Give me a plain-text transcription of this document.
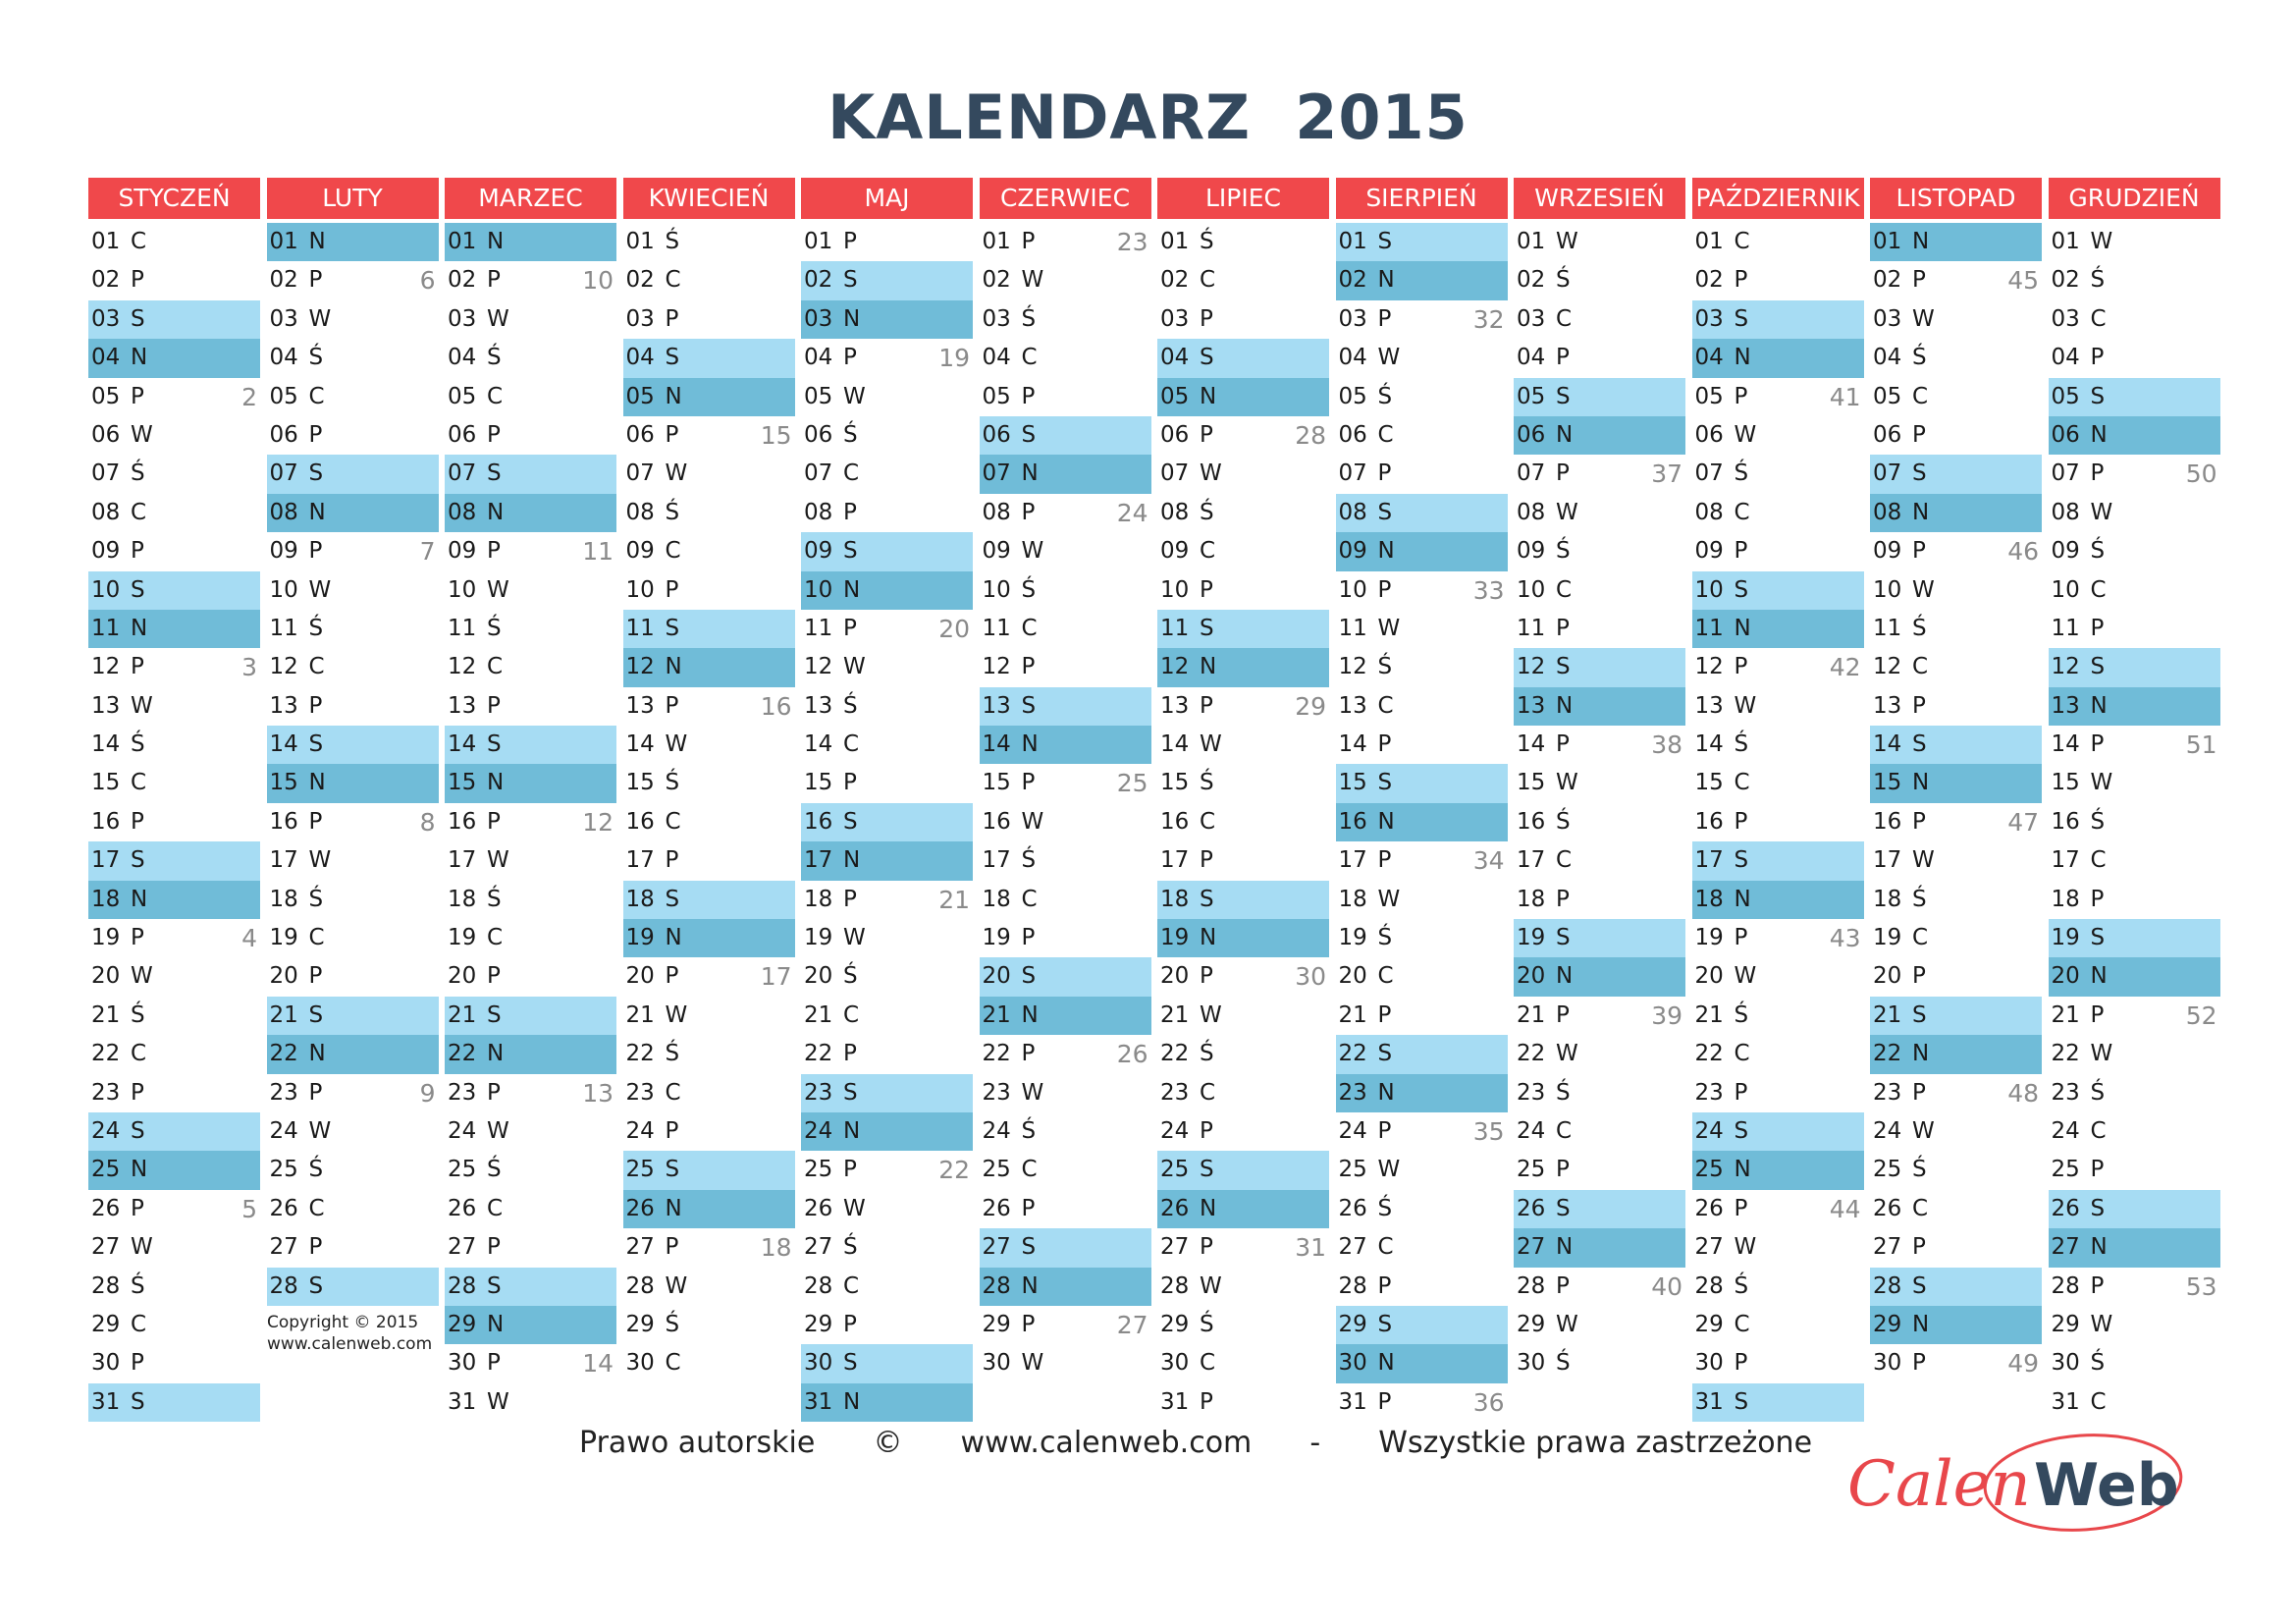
KALENDARZ  2015
STYCZEŃ
01 C
02 P
03 S
04 N
05 P	2
06 W
07 Ś
08 C
09 P
10 S
11 N
12 P	3
13 W
14 Ś
15 C
16 P
17 S
18 N
19 P	4
20 W
21 Ś
22 C
23 P
24 S
25 N
26 P	5
27 W
28 Ś
29 C
30 P
31 S
LUTY
01 N
02 P	6
03 W
04 Ś
05 C
06 P
07 S
08 N
09 P	7
10 W
11 Ś
12 C
13 P
14 S
15 N
16 P	8
17 W
18 Ś
19 C
20 P
21 S
22 N
23 P	9
24 W
25 Ś
26 C
27 P
28 S
MARZEC
01 N
02 P	10
03 W
04 Ś
05 C
06 P
07 S
08 N
09 P	11
10 W
11 Ś
12 C
13 P
14 S
15 N
16 P	12
17 W
18 Ś
19 C
20 P
21 S
22 N
23 P	13
24 W
25 Ś
26 C
27 P
28 S
29 N
30 P	14
31 W
KWIECIEŃ
01 Ś
02 C
03 P
04 S
05 N
06 P	15
07 W
08 Ś
09 C
10 P
11 S
12 N
13 P	16
14 W
15 Ś
16 C
17 P
18 S
19 N
20 P	17
21 W
22 Ś
23 C
24 P
25 S
26 N
27 P	18
28 W
29 Ś
30 C
MAJ
01 P
02 S
03 N
04 P	19
05 W
06 Ś
07 C
08 P
09 S
10 N
11 P	20
12 W
13 Ś
14 C
15 P
16 S
17 N
18 P	21
19 W
20 Ś
21 C
22 P
23 S
24 N
25 P	22
26 W
27 Ś
28 C
29 P
30 S
31 N
CZERWIEC
01 P	23
02 W
03 Ś
04 C
05 P
06 S
07 N
08 P	24
09 W
10 Ś
11 C
12 P
13 S
14 N
15 P	25
16 W
17 Ś
18 C
19 P
20 S
21 N
22 P	26
23 W
24 Ś
25 C
26 P
27 S
28 N
29 P	27
30 W
LIPIEC
01 Ś
02 C
03 P
04 S
05 N
06 P	28
07 W
08 Ś
09 C
10 P
11 S
12 N
13 P	29
14 W
15 Ś
16 C
17 P
18 S
19 N
20 P	30
21 W
22 Ś
23 C
24 P
25 S
26 N
27 P	31
28 W
29 Ś
30 C
31 P
SIERPIEŃ
01 S
02 N
03 P	32
04 W
05 Ś
06 C
07 P
08 S
09 N
10 P	33
11 W
12 Ś
13 C
14 P
15 S
16 N
17 P	34
18 W
19 Ś
20 C
21 P
22 S
23 N
24 P	35
25 W
26 Ś
27 C
28 P
29 S
30 N
31 P	36
WRZESIEŃ
01 W
02 Ś
03 C
04 P
05 S
06 N
07 P	37
08 W
09 Ś
10 C
11 P
12 S
13 N
14 P	38
15 W
16 Ś
17 C
18 P
19 S
20 N
21 P	39
22 W
23 Ś
24 C
25 P
26 S
27 N
28 P	40
29 W
30 Ś
PAŹDZIERNIK
01 C
02 P
03 S
04 N
05 P	41
06 W
07 Ś
08 C
09 P
10 S
11 N
12 P	42
13 W
14 Ś
15 C
16 P
17 S
18 N
19 P	43
20 W
21 Ś
22 C
23 P
24 S
25 N
26 P	44
27 W
28 Ś
29 C
30 P
31 S
LISTOPAD
01 N
02 P	45
03 W
04 Ś
05 C
06 P
07 S
08 N
09 P	46
10 W
11 Ś
12 C
13 P
14 S
15 N
16 P	47
17 W
18 Ś
19 C
20 P
21 S
22 N
23 P	48
24 W
25 Ś
26 C
27 P
28 S
29 N
30 P	49
GRUDZIEŃ
01 W
02 Ś
03 C
04 P
05 S
06 N
07 P	50
08 W
09 Ś
10 C
11 P
12 S
13 N
14 P	51
15 W
16 Ś
17 C
18 P
19 S
20 N
21 P	52
22 W
23 Ś
24 C
25 P
26 S
27 N
28 P	53
29 W
30 Ś
31 C
Copyright © 2015
www.calenweb.com
Prawo autorskie © www.calenweb.com - Wszystkie prawa zastrzeżone
Calen Web
